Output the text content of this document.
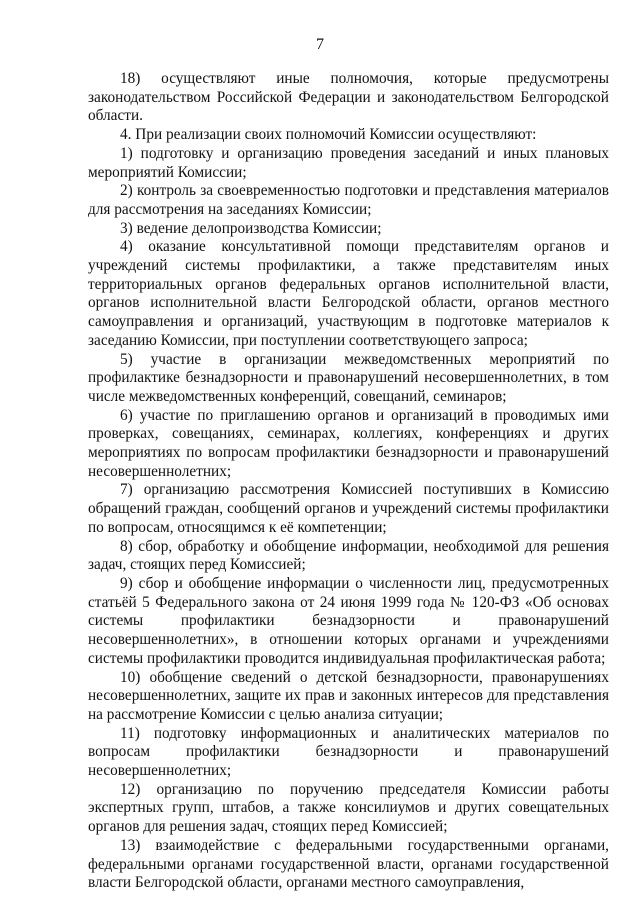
7

18) осуществляют иные полномочия, которые предусмотрены законодательством Российской Федерации и законодательством Белгородской области.

4. При реализации своих полномочий Комиссии осуществляют:

1) подготовку и организацию проведения заседаний и иных плановых мероприятий Комиссии;

2) контроль за своевременностью подготовки и представления материалов для рассмотрения на заседаниях Комиссии;

3) ведение делопроизводства Комиссии;

4) оказание консультативной помощи представителям органов и учреждений системы профилактики, а также представителям иных территориальных органов федеральных органов исполнительной власти, органов исполнительной власти Белгородской области, органов местного самоуправления и организаций, участвующим в подготовке материалов к заседанию Комиссии, при поступлении соответствующего запроса;

5) участие в организации межведомственных мероприятий по профилактике безнадзорности и правонарушений несовершеннолетних, в том числе межведомственных конференций, совещаний, семинаров;

6) участие по приглашению органов и организаций в проводимых ими проверках, совещаниях, семинарах, коллегиях, конференциях и других мероприятиях по вопросам профилактики безнадзорности и правонарушений несовершеннолетних;

7) организацию рассмотрения Комиссией поступивших в Комиссию обращений граждан, сообщений органов и учреждений системы профилактики по вопросам, относящимся к её компетенции;

8) сбор, обработку и обобщение информации, необходимой для решения задач, стоящих перед Комиссией;

9) сбор и обобщение информации о численности лиц, предусмотренных статьёй 5 Федерального закона от 24 июня 1999 года № 120-ФЗ «Об основах системы профилактики безнадзорности и правонарушений несовершеннолетних», в отношении которых органами и учреждениями системы профилактики проводится индивидуальная профилактическая работа;

10) обобщение сведений о детской безнадзорности, правонарушениях несовершеннолетних, защите их прав и законных интересов для представления на рассмотрение Комиссии с целью анализа ситуации;

11) подготовку информационных и аналитических материалов по вопросам профилактики безнадзорности и правонарушений несовершеннолетних;

12) организацию по поручению председателя Комиссии работы экспертных групп, штабов, а также консилиумов и других совещательных органов для решения задач, стоящих перед Комиссией;

13) взаимодействие с федеральными государственными органами, федеральными органами государственной власти, органами государственной власти Белгородской области, органами местного самоуправления,
